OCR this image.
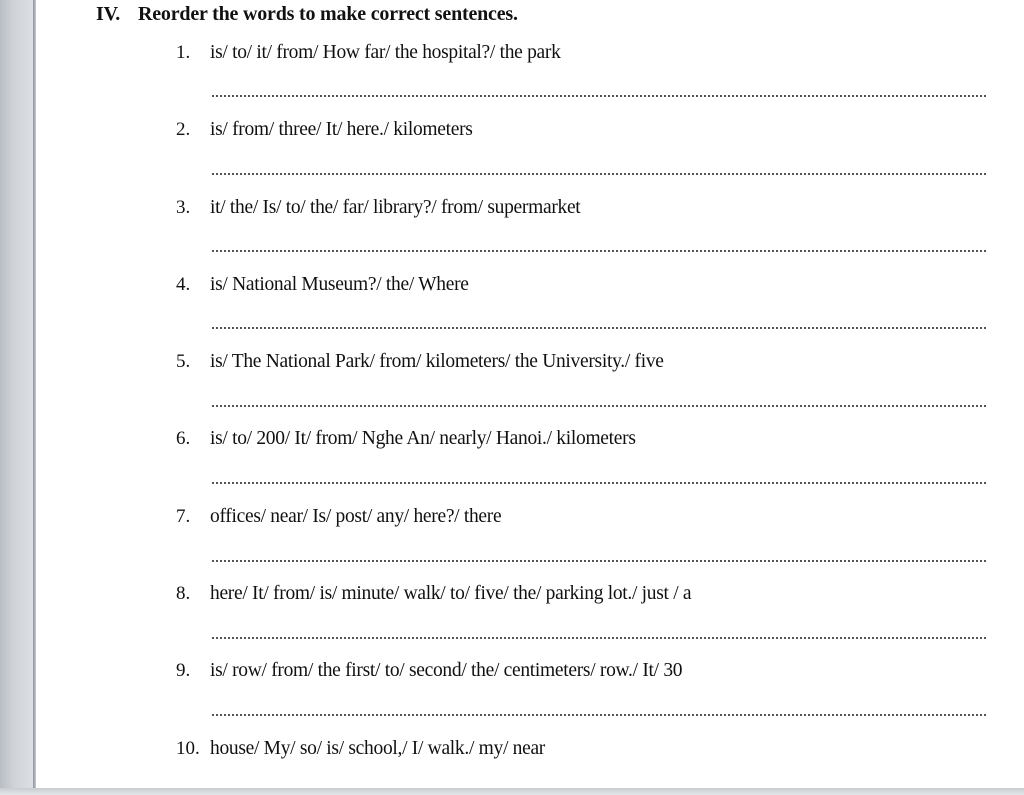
IV. Reorder the words to make correct sentences.
1. is/ to/ it/ from/ How far/ the hospital?/ the park
2. is/ from/ three/ It/ here./ kilometers
3. it/ the/ Is/ to/ the/ far/ library?/ from/ supermarket
4. is/ National Museum?/ the/ Where
5. is/ The National Park/ from/ kilometers/ the University./ five
6. is/ to/ 200/ It/ from/ Nghe An/ nearly/ Hanoi./ kilometers
7. offices/ near/ Is/ post/ any/ here?/ there
8. here/ It/ from/ is/ minute/ walk/ to/ five/ the/ parking lot./ just / a
9. is/ row/ from/ the first/ to/ second/ the/ centimeters/ row./ It/ 30
10. house/ My/ so/ is/ school,/ I/ walk./ my/ near
